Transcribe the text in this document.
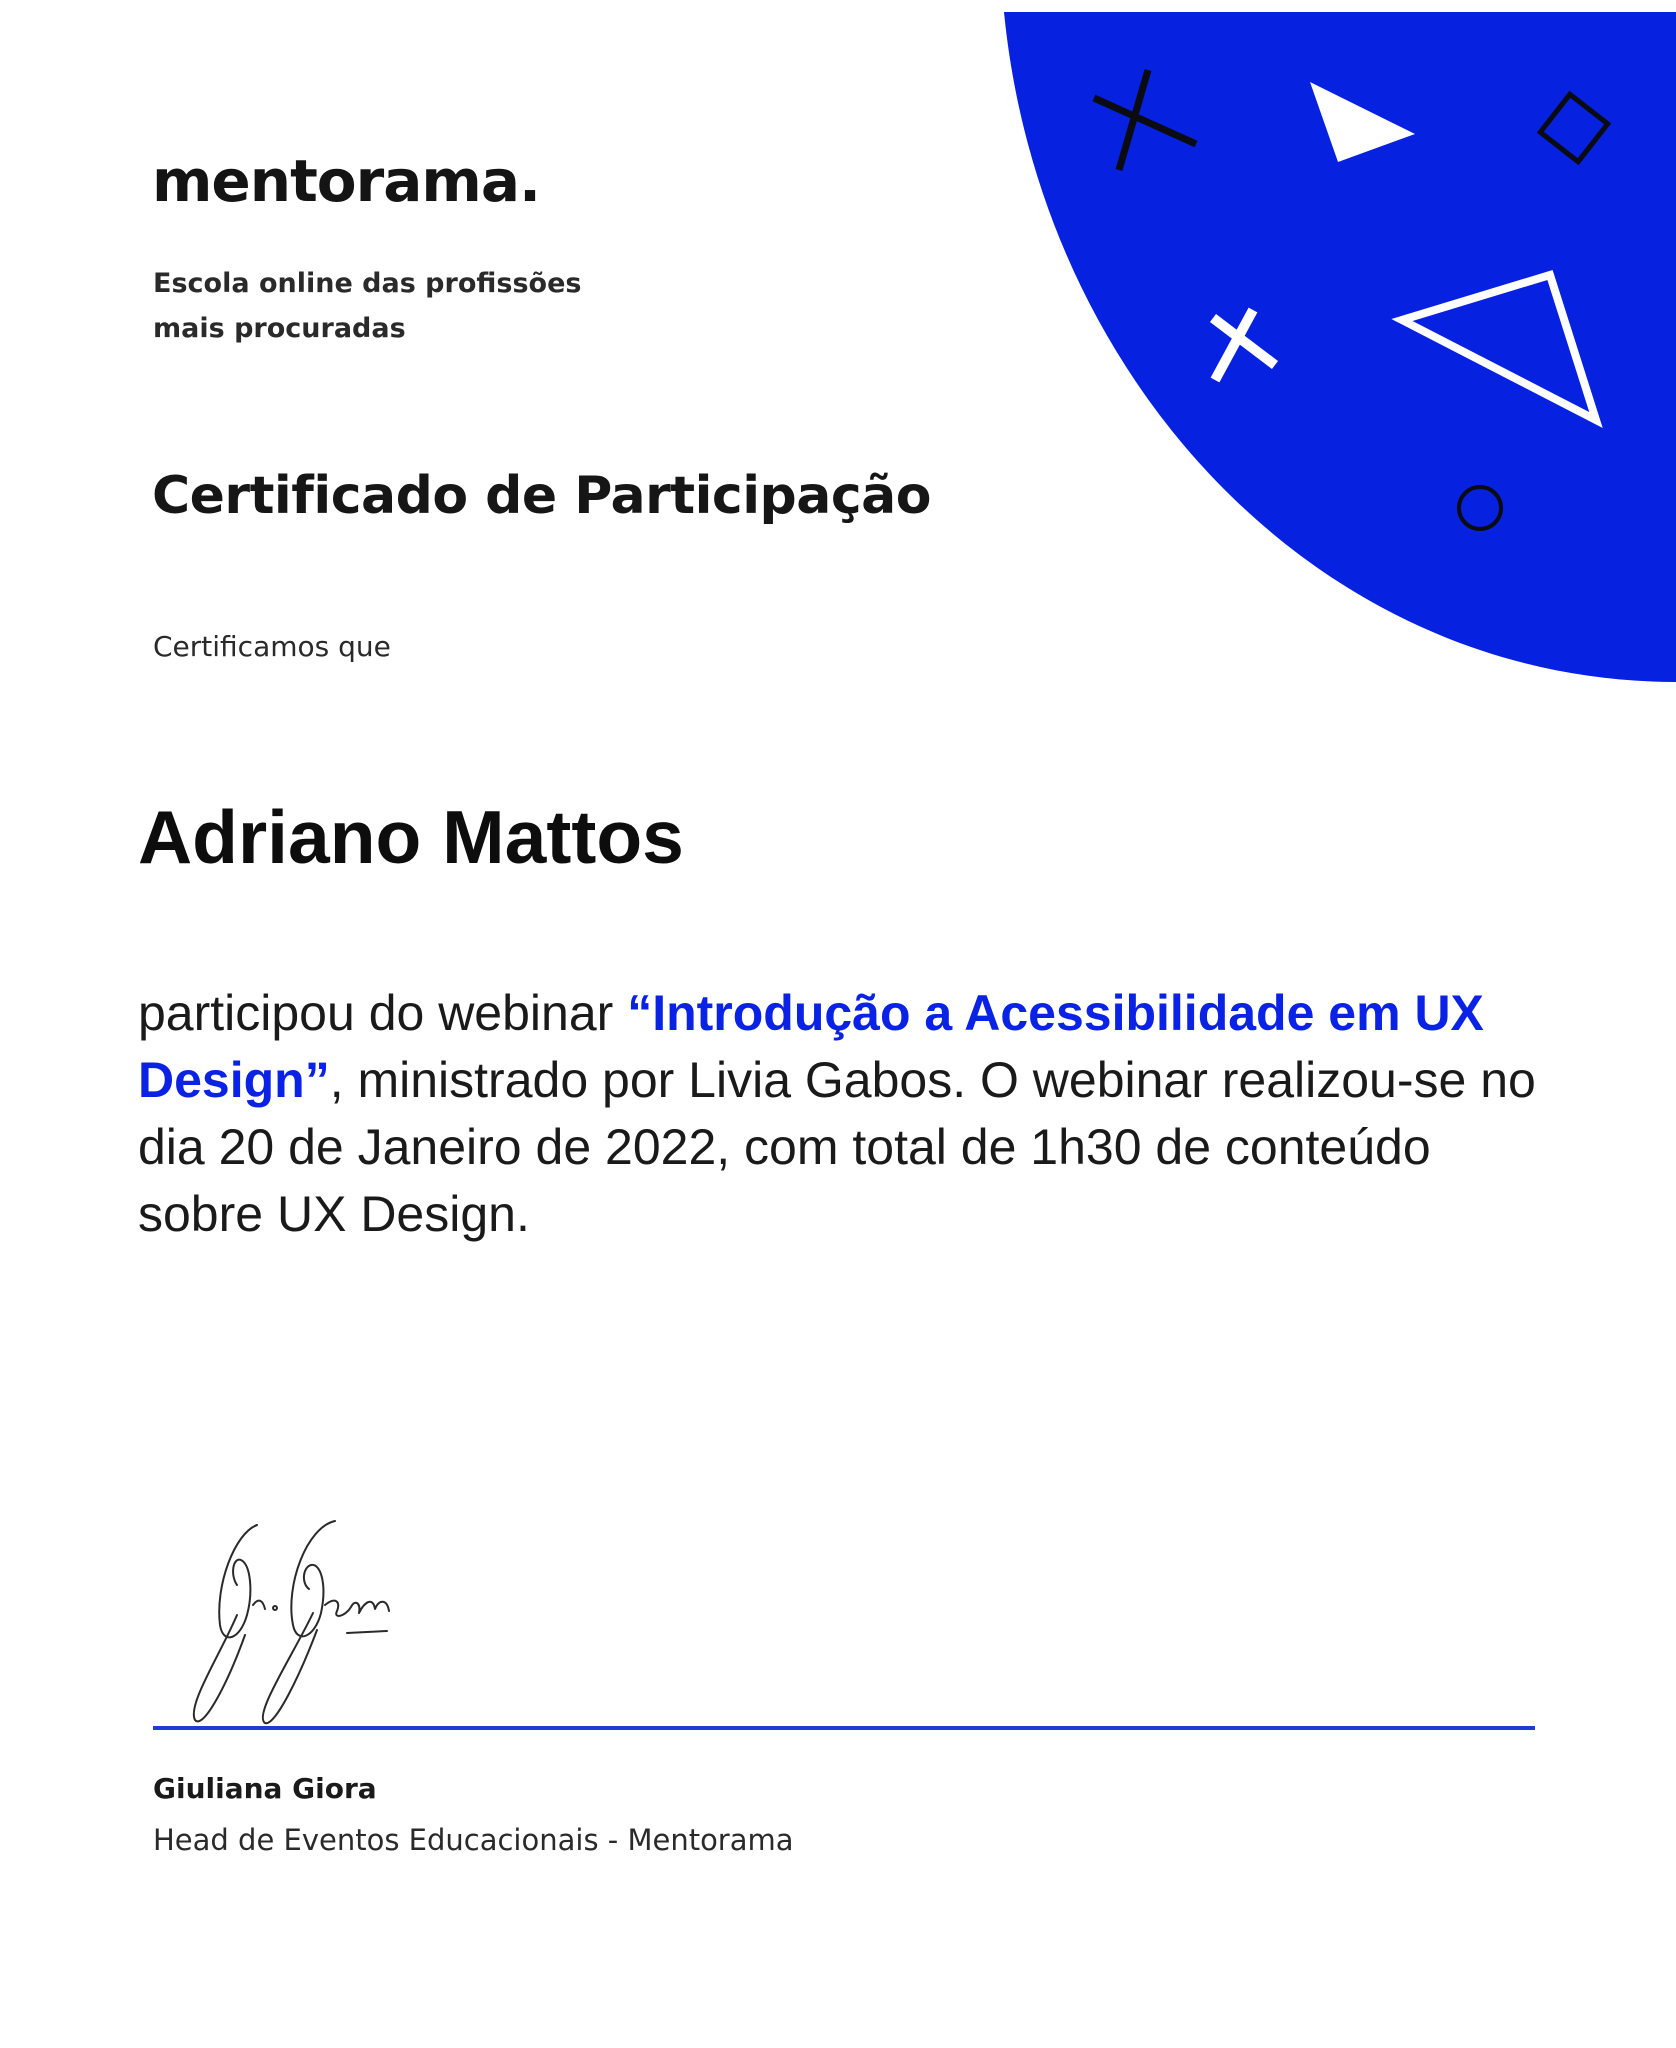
mentorama.

Escola online das profissões
mais procuradas

Certificado de Participação

Certificamos que

Adriano Mattos

participou do webinar “Introdução a Acessibilidade em UX Design”, ministrado por Livia Gabos. O webinar realizou-se no dia 20 de Janeiro de 2022, com total de 1h30 de conteúdo sobre UX Design.

Giuliana Giora

Head de Eventos Educacionais - Mentorama
